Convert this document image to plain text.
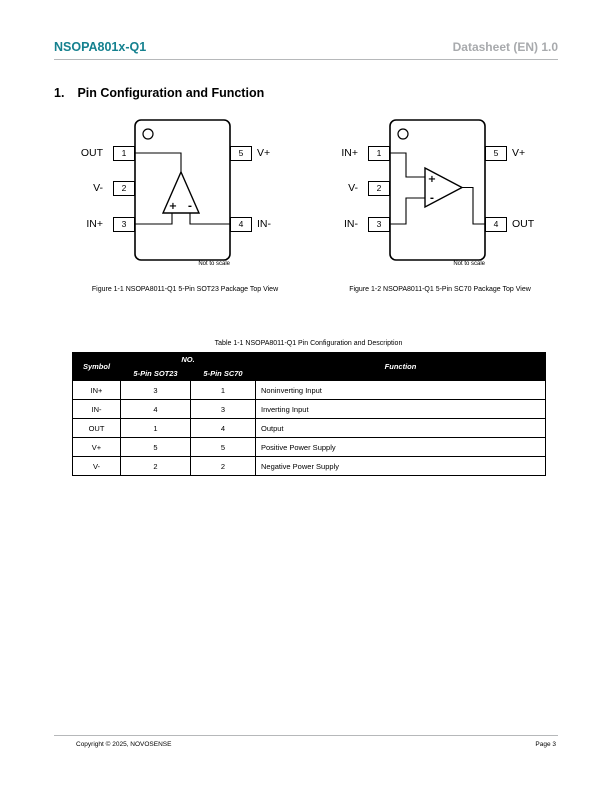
NSOPA801x-Q1	Datasheet (EN) 1.0
1. Pin Configuration and Function
+ -
OUT
V-
IN+
1
2
3
5
4
V+
IN-
Not to scale
Figure 1-1 NSOPA8011-Q1 5-Pin SOT23 Package Top View
+
-
IN+
V-
IN-
1
2
3
5
4
V+
OUT
Not to scale
Figure 1-2 NSOPA8011-Q1 5-Pin SC70 Package Top View
Table 1-1 NSOPA8011-Q1 Pin Configuration and Description
Symbol	NO.		Function
	5-Pin SOT23	5-Pin SC70	
IN+	3	1	Noninverting Input
IN-	4	3	Inverting Input
OUT	1	4	Output
V+	5	5	Positive Power Supply
V-	2	2	Negative Power Supply
Copyright © 2025, NOVOSENSE	Page 3
